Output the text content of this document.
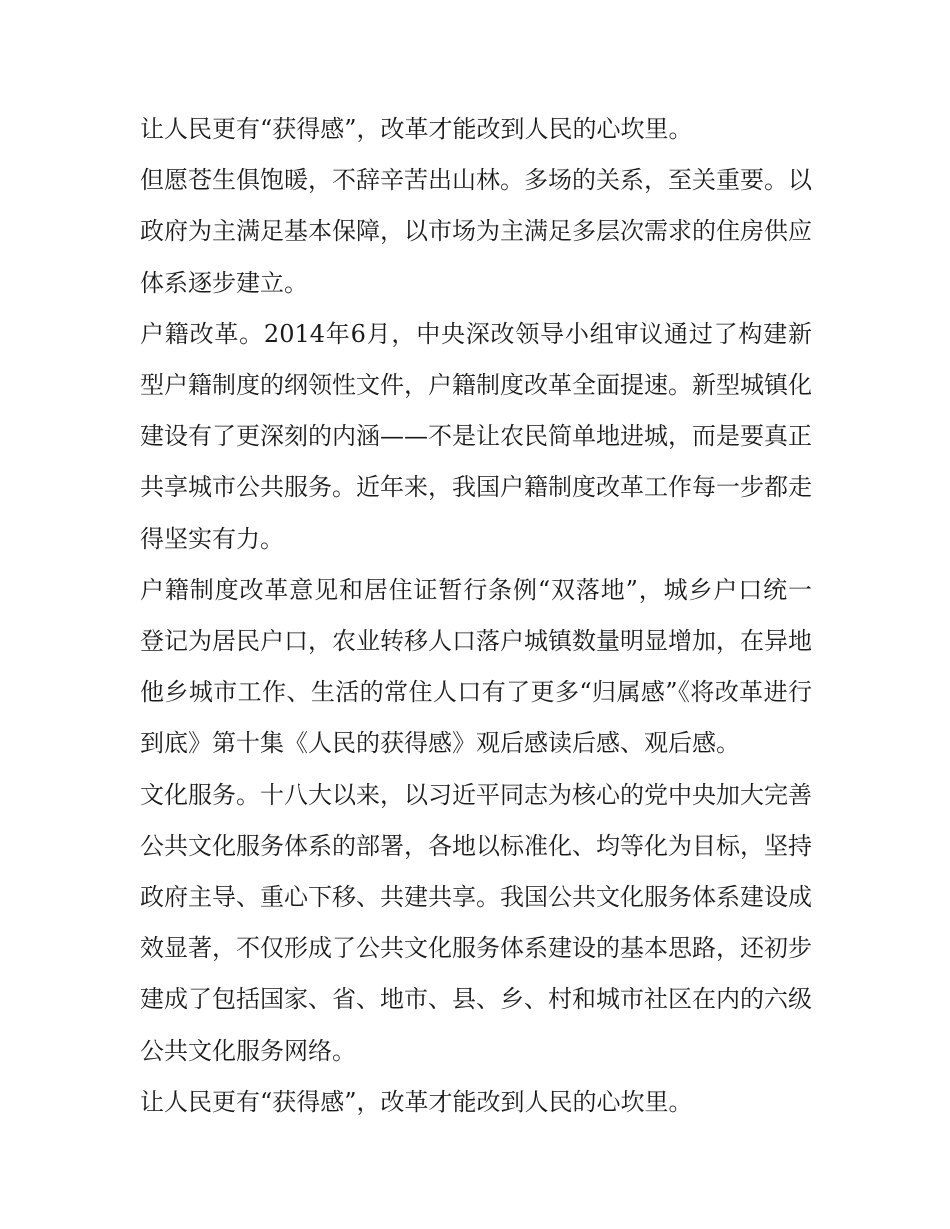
让人民更有“获得感”，改革才能改到人民的心坎里。

但愿苍生俱饱暖，不辞辛苦出山林。多场的关系，至关重要。以政府为主满足基本保障，以市场为主满足多层次需求的住房供应体系逐步建立。

户籍改革。2014年6月，中央深改领导小组审议通过了构建新型户籍制度的纲领性文件，户籍制度改革全面提速。新型城镇化建设有了更深刻的内涵——不是让农民简单地进城，而是要真正共享城市公共服务。近年来，我国户籍制度改革工作每一步都走得坚实有力。

户籍制度改革意见和居住证暂行条例“双落地”，城乡户口统一登记为居民户口，农业转移人口落户城镇数量明显增加，在异地他乡城市工作、生活的常住人口有了更多“归属感”《将改革进行到底》第十集《人民的获得感》观后感读后感、观后感。

文化服务。十八大以来，以习近平同志为核心的党中央加大完善公共文化服务体系的部署，各地以标准化、均等化为目标，坚持政府主导、重心下移、共建共享。我国公共文化服务体系建设成效显著，不仅形成了公共文化服务体系建设的基本思路，还初步建成了包括国家、省、地市、县、乡、村和城市社区在内的六级公共文化服务网络。

让人民更有“获得感”，改革才能改到人民的心坎里。
